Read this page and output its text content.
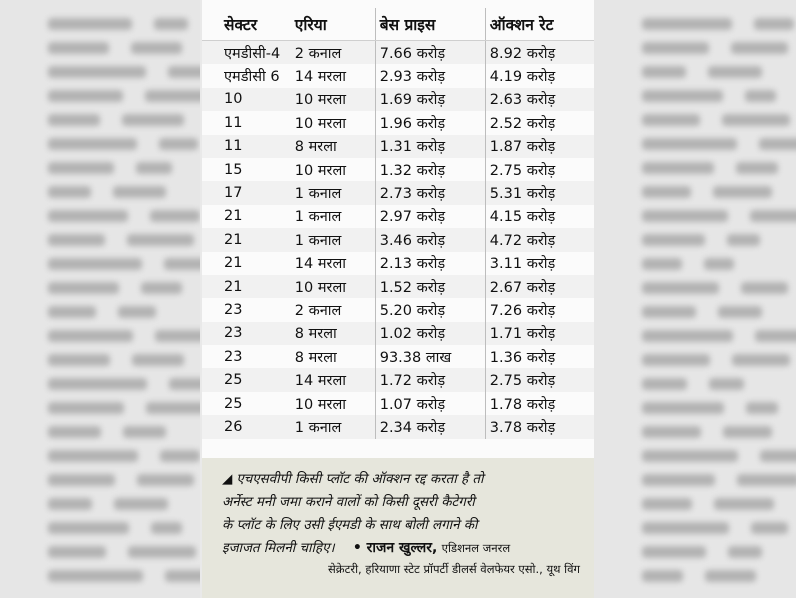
सेक्टर	एरिया	बेस प्राइस	ऑक्शन रेट
एमडीसी-4	2 कनाल	7.66 करोड़	8.92 करोड़
एमडीसी 6	14 मरला	2.93 करोड़	4.19 करोड़
10	10 मरला	1.69 करोड़	2.63 करोड़
11	10 मरला	1.96 करोड़	2.52 करोड़
11	8 मरला	1.31 करोड़	1.87 करोड़
15	10 मरला	1.32 करोड़	2.75 करोड़
17	1 कनाल	2.73 करोड़	5.31 करोड़
21	1 कनाल	2.97 करोड़	4.15 करोड़
21	1 कनाल	3.46 करोड़	4.72 करोड़
21	14 मरला	2.13 करोड़	3.11 करोड़
21	10 मरला	1.52 करोड़	2.67 करोड़
23	2 कनाल	5.20 करोड़	7.26 करोड़
23	8 मरला	1.02 करोड़	1.71 करोड़
23	8 मरला	93.38 लाख	1.36 करोड़
25	14 मरला	1.72 करोड़	2.75 करोड़
25	10 मरला	1.07 करोड़	1.78 करोड़
26	1 कनाल	2.34 करोड़	3.78 करोड़
◢ एचएसवीपी किसी प्लॉट की ऑक्शन रद्द करता है तो
अर्नेस्ट मनी जमा कराने वालों को किसी दूसरी कैटेगरी
के प्लॉट के लिए उसी ईएमडी के साथ बोली लगाने की
इजाजत मिलनी चाहिए। • राजन खुल्लर, एडिशनल जनरल
सेक्रेटरी, हरियाणा स्टेट प्रॉपर्टी डीलर्स वेलफेयर एसो., यूथ विंग
